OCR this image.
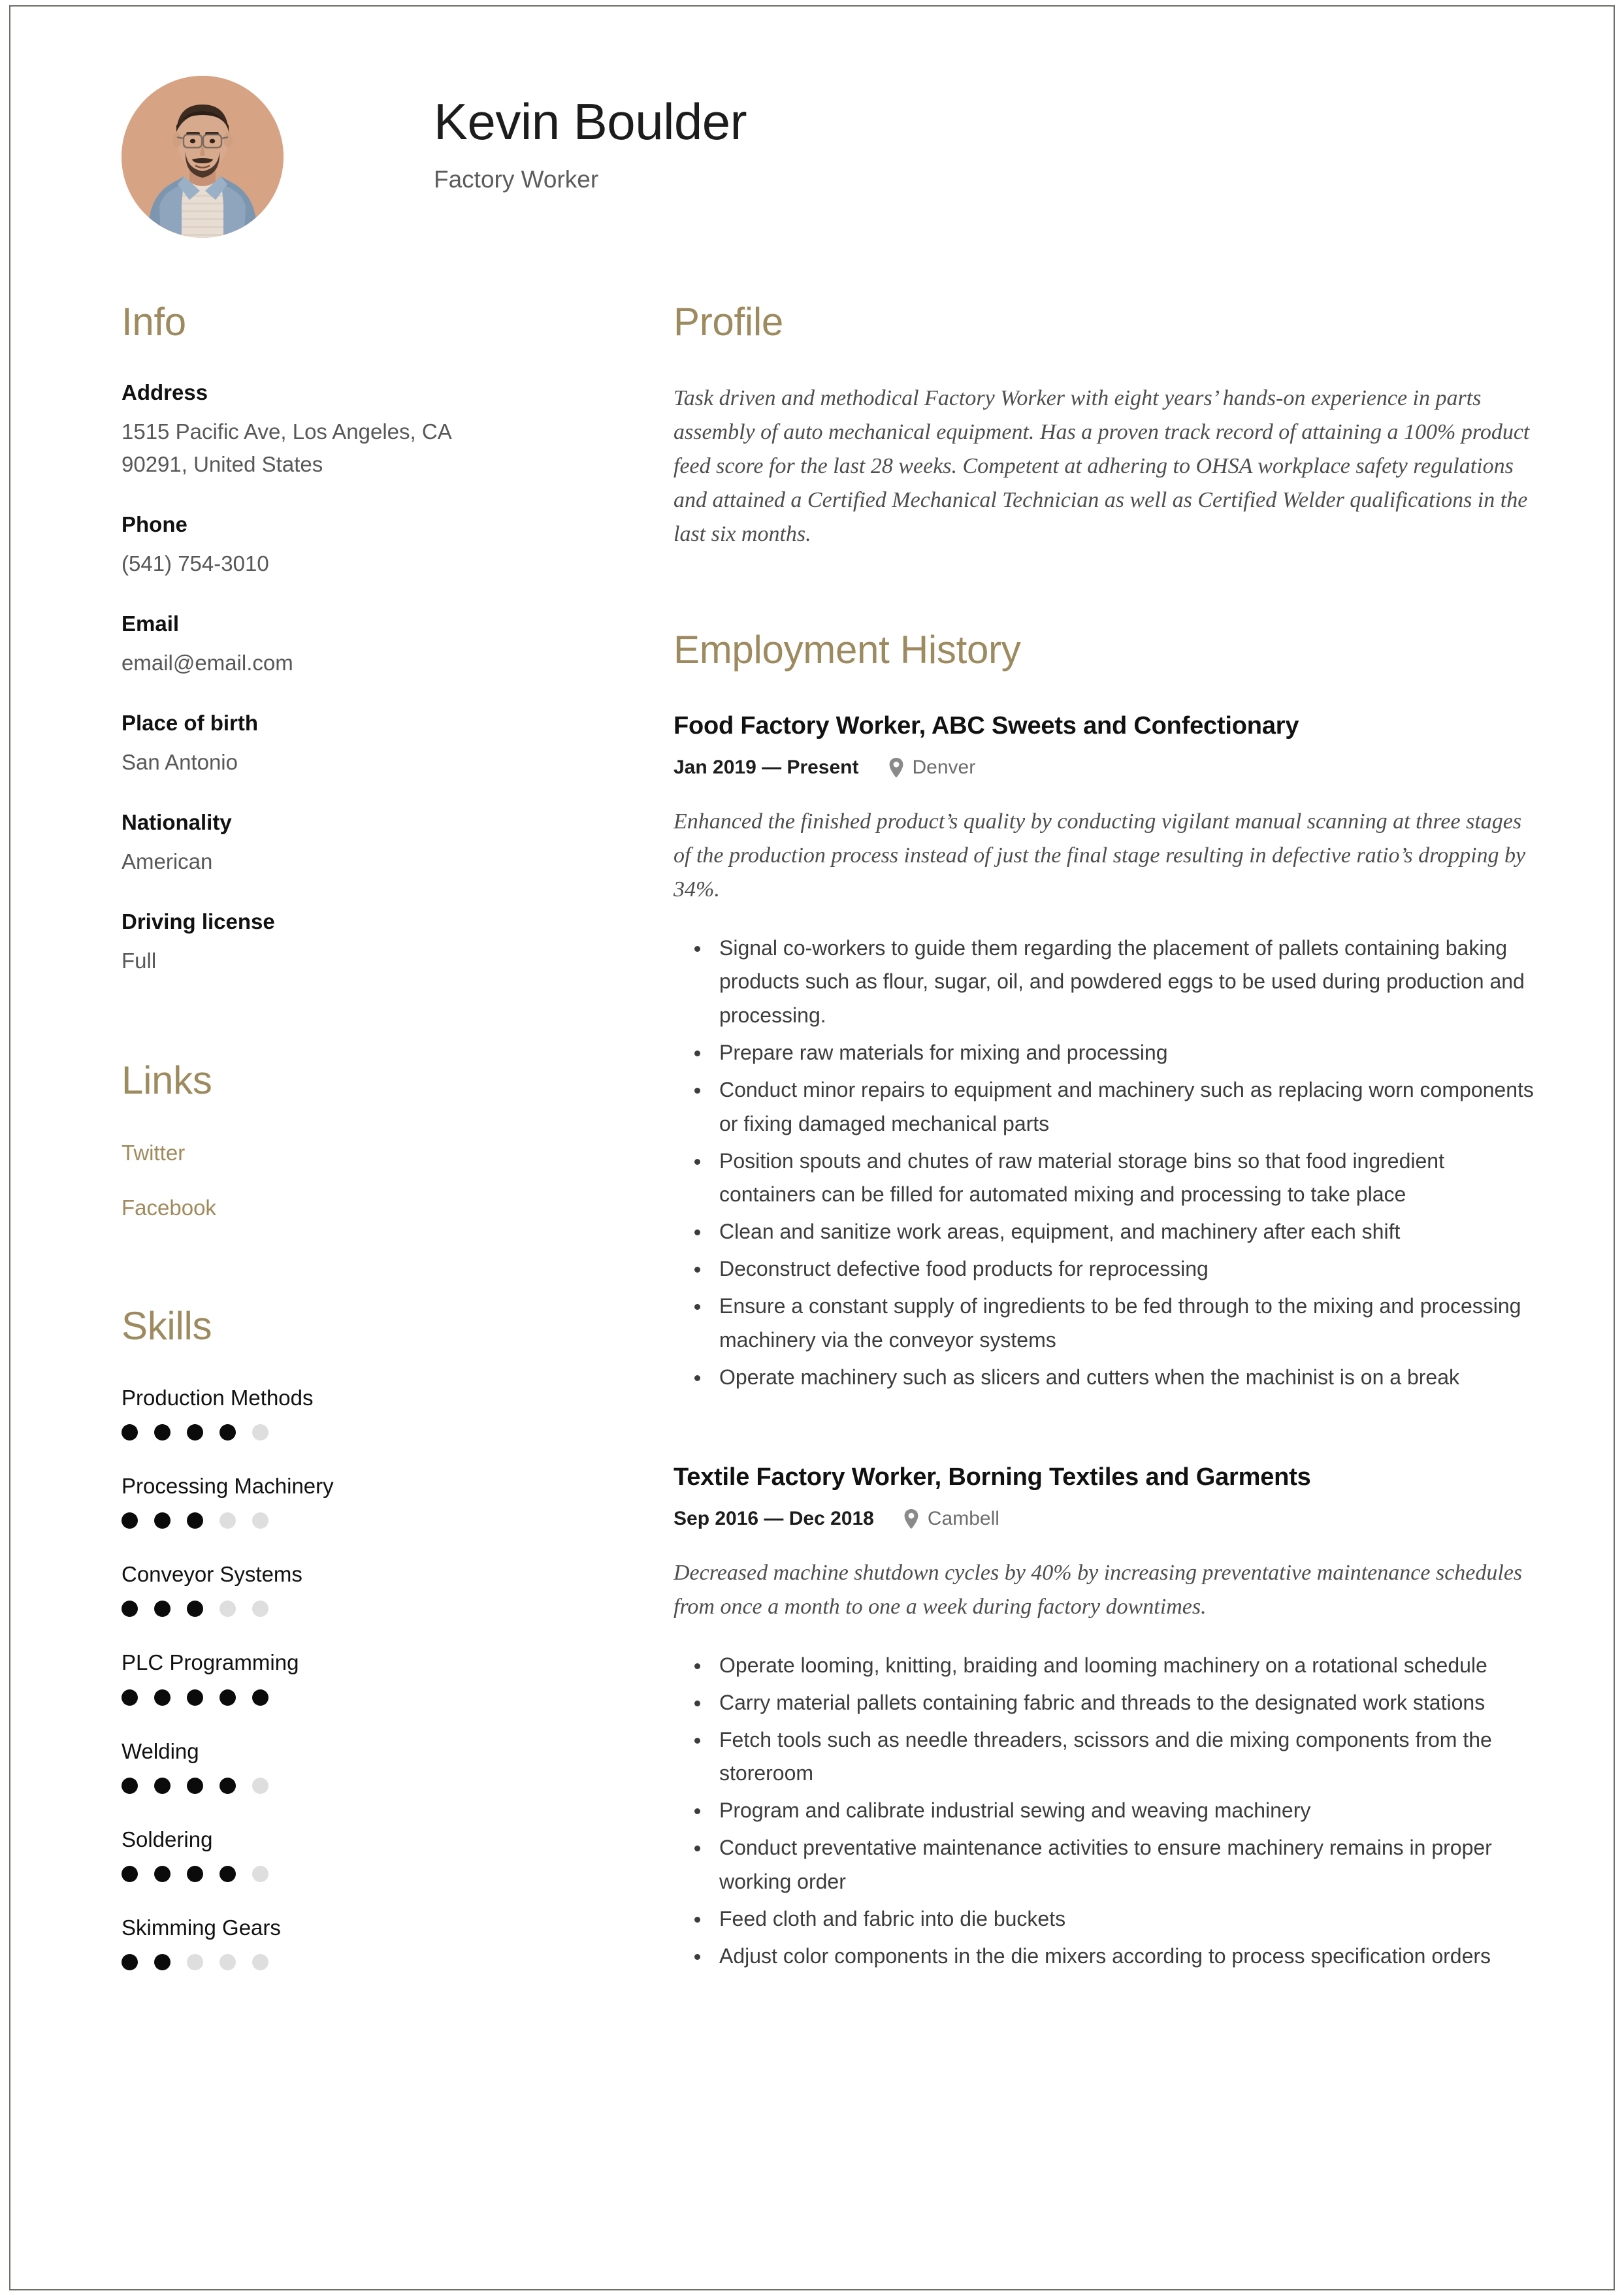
Kevin Boulder
Factory Worker
Info
Address
1515 Pacific Ave, Los Angeles, CA 90291, United States
Phone
(541) 754-3010
Email
email@email.com
Place of birth
San Antonio
Nationality
American
Driving license
Full
Links
Twitter
Facebook
Skills
Production Methods
Processing Machinery
Conveyor Systems
PLC Programming
Welding
Soldering
Skimming Gears
Profile

Task driven and methodical Factory Worker with eight years’ hands-on experience in parts assembly of auto mechanical equipment. Has a proven track record of attaining a 100% product feed score for the last 28 weeks. Competent at adhering to OHSA workplace safety regulations and attained a Certified Mechanical Technician as well as Certified Welder qualifications in the last six months.

Employment History
Food Factory Worker, ABC Sweets and Confectionary
Jan 2019 — Present	Denver

Enhanced the finished product’s quality by conducting vigilant manual scanning at three stages of the production process instead of just the final stage resulting in defective ratio’s dropping by 34%.

Signal co-workers to guide them regarding the placement of pallets containing baking products such as flour, sugar, oil, and powdered eggs to be used during production and processing.
Prepare raw materials for mixing and processing
Conduct minor repairs to equipment and machinery such as replacing worn components or fixing damaged mechanical parts
Position spouts and chutes of raw material storage bins so that food ingredient containers can be filled for automated mixing and processing to take place
Clean and sanitize work areas, equipment, and machinery after each shift
Deconstruct defective food products for reprocessing
Ensure a constant supply of ingredients to be fed through to the mixing and processing machinery via the conveyor systems
Operate machinery such as slicers and cutters when the machinist is on a break
Textile Factory Worker, Borning Textiles and Garments
Sep 2016 — Dec 2018	Cambell

Decreased machine shutdown cycles by 40% by increasing preventative maintenance schedules from once a month to one a week during factory downtimes.

Operate looming, knitting, braiding and looming machinery on a rotational schedule
Carry material pallets containing fabric and threads to the designated work stations
Fetch tools such as needle threaders, scissors and die mixing components from the storeroom
Program and calibrate industrial sewing and weaving machinery
Conduct preventative maintenance activities to ensure machinery remains in proper working order
Feed cloth and fabric into die buckets
Adjust color components in the die mixers according to process specification orders
